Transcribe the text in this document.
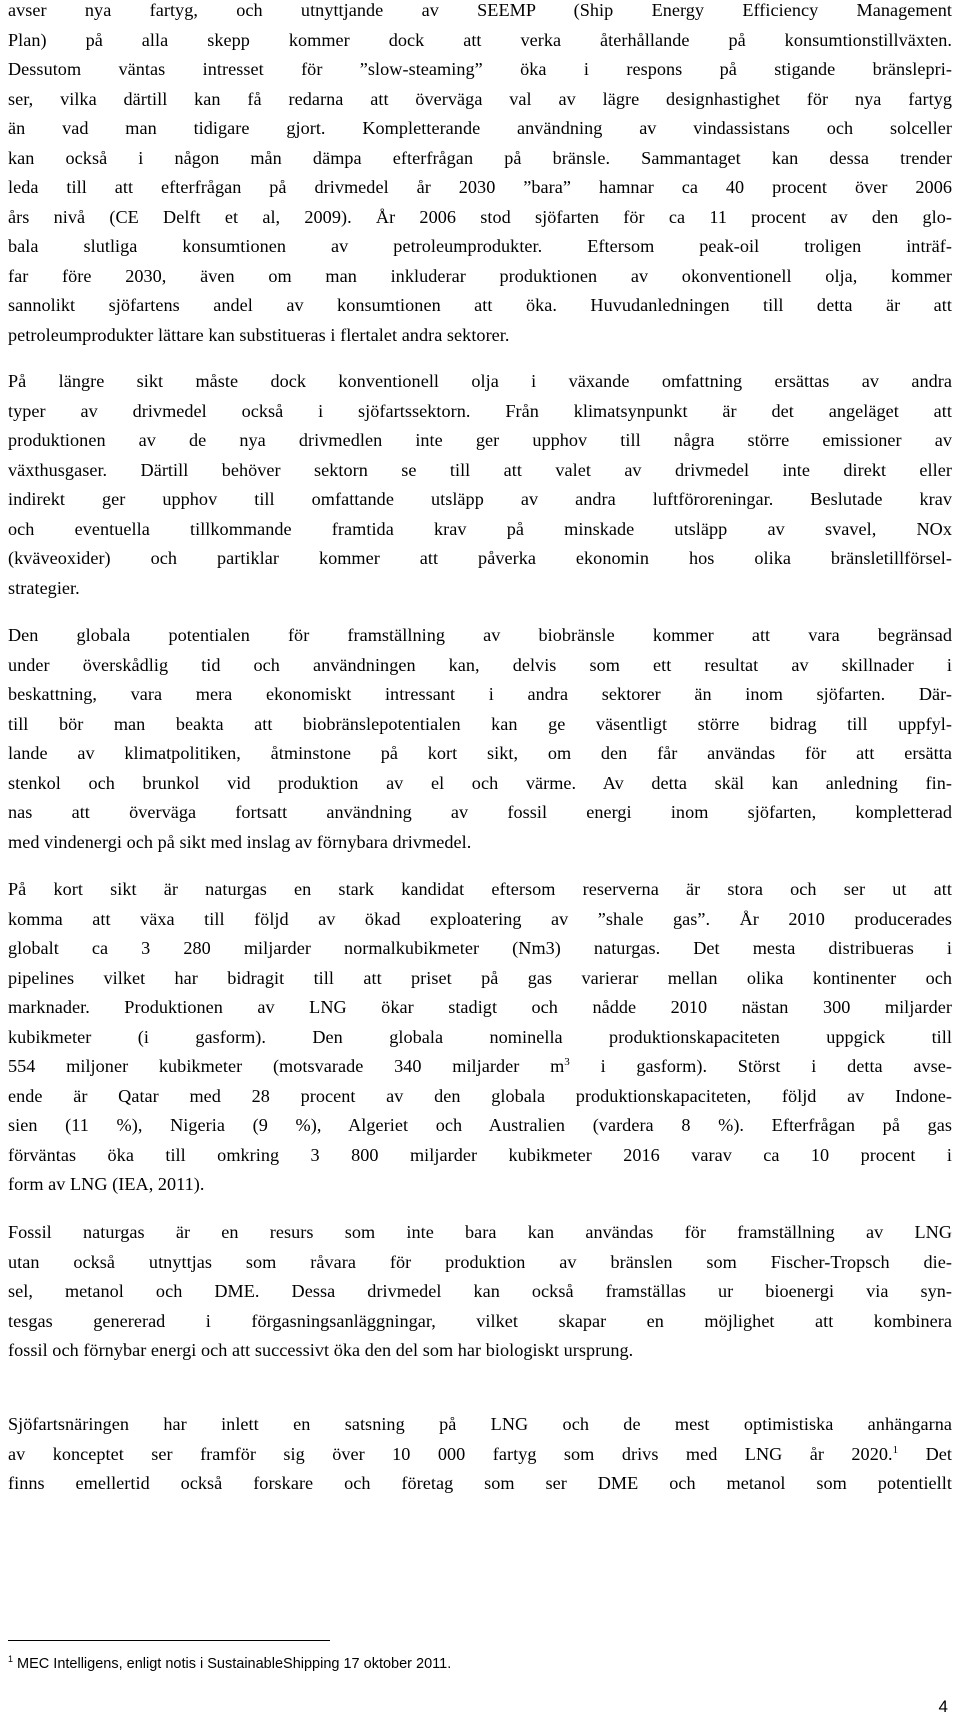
avser nya fartyg, och utnyttjande av SEEMP (Ship Energy Efficiency Management
Plan) på alla skepp kommer dock att verka återhållande på konsumtionstillväxten.
Dessutom väntas intresset för ”slow-steaming” öka i respons på stigande bränslepri-
ser, vilka därtill kan få redarna att överväga val av lägre designhastighet för nya fartyg
än vad man tidigare gjort. Kompletterande användning av vindassistans och solceller
kan också i någon mån dämpa efterfrågan på bränsle. Sammantaget kan dessa trender
leda till att efterfrågan på drivmedel år 2030 ”bara” hamnar ca 40 procent över 2006
års nivå (CE Delft et al, 2009). År 2006 stod sjöfarten för ca 11 procent av den glo-
bala slutliga konsumtionen av petroleumprodukter. Eftersom peak-oil troligen inträf-
far före 2030, även om man inkluderar produktionen av okonventionell olja, kommer
sannolikt sjöfartens andel av konsumtionen att öka. Huvudanledningen till detta är att
petroleumprodukter lättare kan substitueras i flertalet andra sektorer.
På längre sikt måste dock konventionell olja i växande omfattning ersättas av andra
typer av drivmedel också i sjöfartssektorn. Från klimatsynpunkt är det angeläget att
produktionen av de nya drivmedlen inte ger upphov till några större emissioner av
växthusgaser. Därtill behöver sektorn se till att valet av drivmedel inte direkt eller
indirekt ger upphov till omfattande utsläpp av andra luftföroreningar. Beslutade krav
och eventuella tillkommande framtida krav på minskade utsläpp av svavel, NOx
(kväveoxider) och partiklar kommer att påverka ekonomin hos olika bränsletillförsel-
strategier.
Den globala potentialen för framställning av biobränsle kommer att vara begränsad
under överskådlig tid och användningen kan, delvis som ett resultat av skillnader i
beskattning, vara mera ekonomiskt intressant i andra sektorer än inom sjöfarten. Där-
till bör man beakta att biobränslepotentialen kan ge väsentligt större bidrag till uppfyl-
lande av klimatpolitiken, åtminstone på kort sikt, om den får användas för att ersätta
stenkol och brunkol vid produktion av el och värme. Av detta skäl kan anledning fin-
nas att överväga fortsatt användning av fossil energi inom sjöfarten, kompletterad
med vindenergi och på sikt med inslag av förnybara drivmedel.
På kort sikt är naturgas en stark kandidat eftersom reserverna är stora och ser ut att
komma att växa till följd av ökad exploatering av ”shale gas”. År 2010 producerades
globalt ca 3 280 miljarder normalkubikmeter (Nm3) naturgas. Det mesta distribueras i
pipelines vilket har bidragit till att priset på gas varierar mellan olika kontinenter och
marknader. Produktionen av LNG ökar stadigt och nådde 2010 nästan 300 miljarder
kubikmeter (i gasform). Den globala nominella produktionskapaciteten uppgick till
554 miljoner kubikmeter (motsvarade 340 miljarder $m^3$ i gasform). Störst i detta avse-
ende är Qatar med 28 procent av den globala produktionskapaciteten, följd av Indone-
sien (11 %), Nigeria (9 %), Algeriet och Australien (vardera 8 %). Efterfrågan på gas
förväntas öka till omkring 3 800 miljarder kubikmeter 2016 varav ca 10 procent i
form av LNG (IEA, 2011).
Fossil naturgas är en resurs som inte bara kan användas för framställning av LNG
utan också utnyttjas som råvara för produktion av bränslen som Fischer-Tropsch die-
sel, metanol och DME. Dessa drivmedel kan också framställas ur bioenergi via syn-
tesgas genererad i förgasningsanläggningar, vilket skapar en möjlighet att kombinera
fossil och förnybar energi och att successivt öka den del som har biologiskt ursprung.
Sjöfartsnäringen har inlett en satsning på LNG och de mest optimistiska anhängarna
av konceptet ser framför sig över 10 000 fartyg som drivs med LNG år 2020.$^1$ Det
finns emellertid också forskare och företag som ser DME och metanol som potentiellt
$^1$ MEC Intelligens, enligt notis i SustainableShipping 17 oktober 2011.
4
